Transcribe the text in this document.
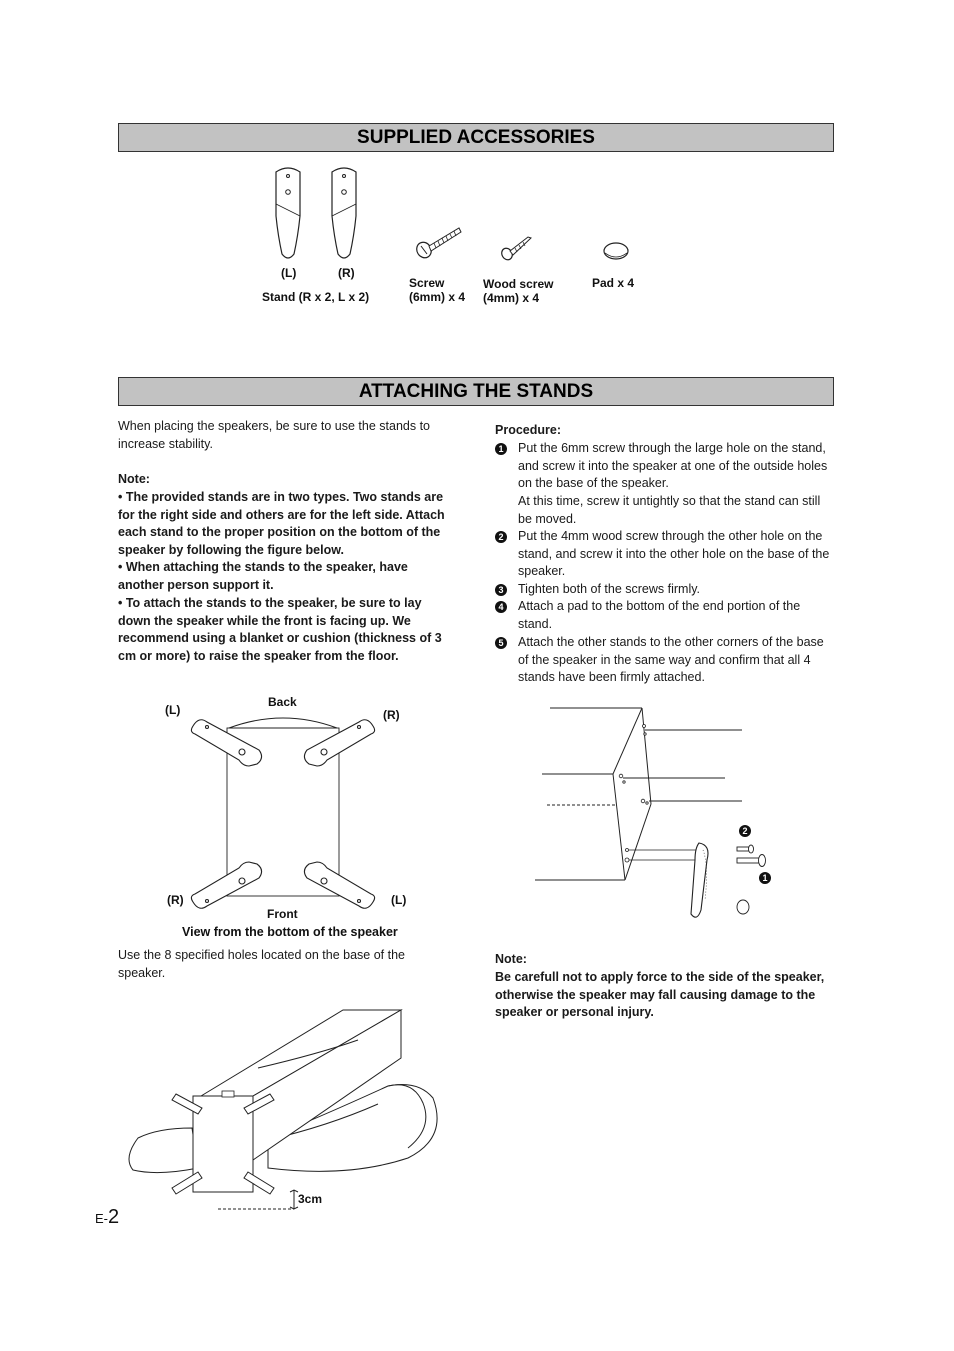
SUPPLIED ACCESSORIES
(L)	(R)
Stand (R x 2, L x 2)
Screw
(6mm) x 4
Wood screw
(4mm) x 4
Pad x 4
ATTACHING THE STANDS
When placing the speakers, be sure to use the stands to increase stability.
Note:
• The provided stands are in two types. Two stands are for the right side and others are for the left side. Attach each stand to the proper position on the bottom of the speaker by following the figure below.
• When attaching the stands to the speaker, have another person support it.
• To attach the stands to the speaker, be sure to lay down the speaker while the front is facing up. We recommend using a blanket or cushion (thickness of 3 cm or more) to raise the speaker from the floor.
Back
(L)	(R)
(R)	(L)
Front
View from the bottom of the speaker
Use the 8 specified holes located on the base of the speaker.
3cm
Procedure:
1 Put the 6mm screw through the large hole on the stand, and screw it into the speaker at one of the outside holes on the base of the speaker.
At this time, screw it untightly so that the stand can still be moved.
2 Put the 4mm wood screw through the other hole on the stand, and screw it into the other hole on the base of the speaker.
3 Tighten both of the screws firmly.
4 Attach a pad to the bottom of the end portion of the stand.
5 Attach the other stands to the other corners of the base of the speaker in the same way and confirm that all 4 stands have been firmly attached.
2
1
Note:
Be carefull not to apply force to the side of the speaker, otherwise the speaker may fall causing damage to the speaker or personal injury.
E-2
